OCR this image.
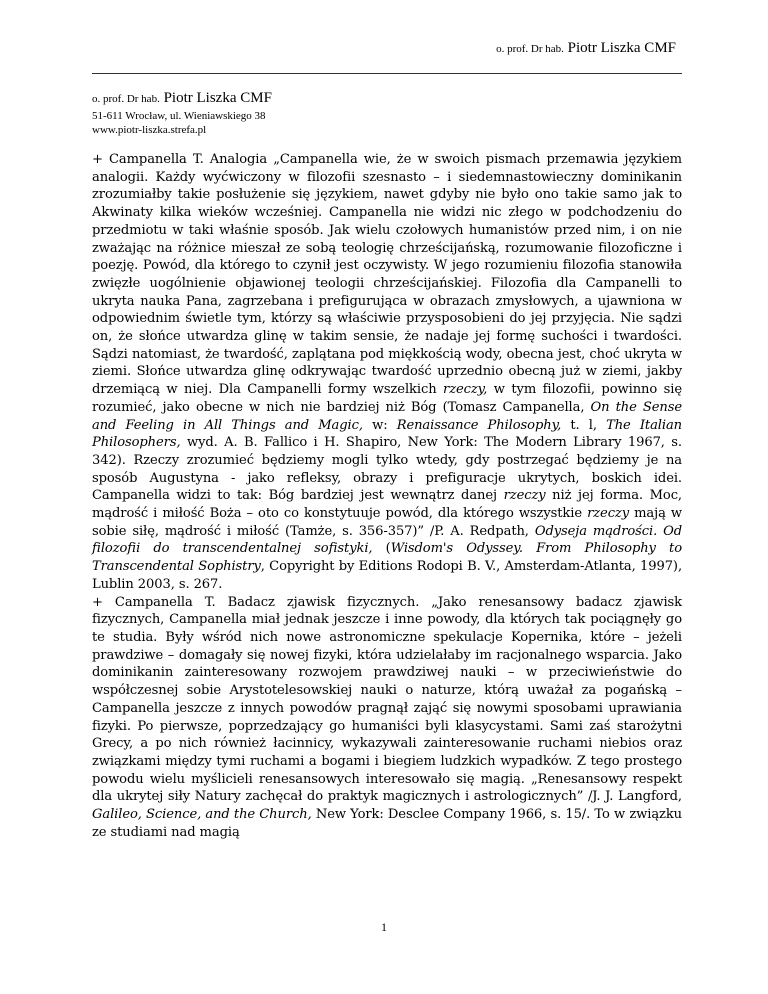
o. prof. Dr hab. Piotr Liszka CMF
o. prof. Dr hab. Piotr Liszka CMF
51-611 Wrocław, ul. Wieniawskiego 38
www.piotr-liszka.strefa.pl

+ Campanella T. Analogia „Campanella wie, że w swoich pismach przemawia językiem analogii. Każdy wyćwiczony w filozofii szesnasto – i siedemnastowieczny dominikanin zrozumiałby takie posłużenie się językiem, nawet gdyby nie było ono takie samo jak to Akwinaty kilka wieków wcześniej. Campanella nie widzi nic złego w podchodzeniu do przedmiotu w taki właśnie sposób. Jak wielu czołowych humanistów przed nim, i on nie zważając na różnice mieszał ze sobą teologię chrześcijańską, rozumowanie filozoficzne i poezję. Powód, dla którego to czynił jest oczywisty. W jego rozumieniu filozofia stanowiła zwięzłe uogólnienie objawionej teologii chrześcijańskiej. Filozofia dla Campanelli to ukryta nauka Pana, zagrzebana i prefigurująca w obrazach zmysłowych, a ujawniona w odpowiednim świetle tym, którzy są właściwie przysposobieni do jej przyjęcia. Nie sądzi on, że słońce utwardza glinę w takim sensie, że nadaje jej formę suchości i twardości. Sądzi natomiast, że twardość, zaplątana pod miękkością wody, obecna jest, choć ukryta w ziemi. Słońce utwardza glinę odkrywając twardość uprzednio obecną już w ziemi, jakby drzemiącą w niej. Dla Campanelli formy wszelkich rzeczy, w tym filozofii, powinno się rozumieć, jako obecne w nich nie bardziej niż Bóg (Tomasz Campanella, On the Sense and Feeling in All Things and Magic, w: Renaissance Philosophy, t. l, The Italian Philosophers, wyd. A. B. Fallico i H. Shapiro, New York: The Modern Library 1967, s. 342). Rzeczy zrozumieć będziemy mogli tylko wtedy, gdy postrzegać będziemy je na sposób Augustyna - jako refleksy, obrazy i prefiguracje ukrytych, boskich idei. Campanella widzi to tak: Bóg bardziej jest wewnątrz danej rzeczy niż jej forma. Moc, mądrość i miłość Boża – oto co konstytuuje powód, dla którego wszystkie rzeczy mają w sobie siłę, mądrość i miłość (Tamże, s. 356-357)” /P. A. Redpath, Odyseja mądrości. Od filozofii do transcendentalnej sofistyki, (Wisdom's Odyssey. From Philosophy to Transcendental Sophistry, Copyright by Editions Rodopi B. V., Amsterdam-Atlanta, 1997), Lublin 2003, s. 267.

+ Campanella T. Badacz zjawisk fizycznych. „Jako renesansowy badacz zjawisk fizycznych, Campanella miał jednak jeszcze i inne powody, dla których tak pociągnęły go te studia. Były wśród nich nowe astronomiczne spekulacje Kopernika, które – jeżeli prawdziwe – domagały się nowej fizyki, która udzielałaby im racjonalnego wsparcia. Jako dominikanin zainteresowany rozwojem prawdziwej nauki – w przeciwieństwie do współczesnej sobie Arystotelesowskiej nauki o naturze, którą uważał za pogańską – Campanella jeszcze z innych powodów pragnął zająć się nowymi sposobami uprawiania fizyki. Po pierwsze, poprzedzający go humaniści byli klasycystami. Sami zaś starożytni Grecy, a po nich również łacinnicy, wykazywali zainteresowanie ruchami niebios oraz związkami między tymi ruchami a bogami i biegiem ludzkich wypadków. Z tego prostego powodu wielu myślicieli renesansowych interesowało się magią. „Renesansowy respekt dla ukrytej siły Natury zachęcał do praktyk magicznych i astrologicznych” /J. J. Langford, Galileo, Science, and the Church, New York: Desclee Company 1966, s. 15/. To w związku ze studiami nad magią

1
